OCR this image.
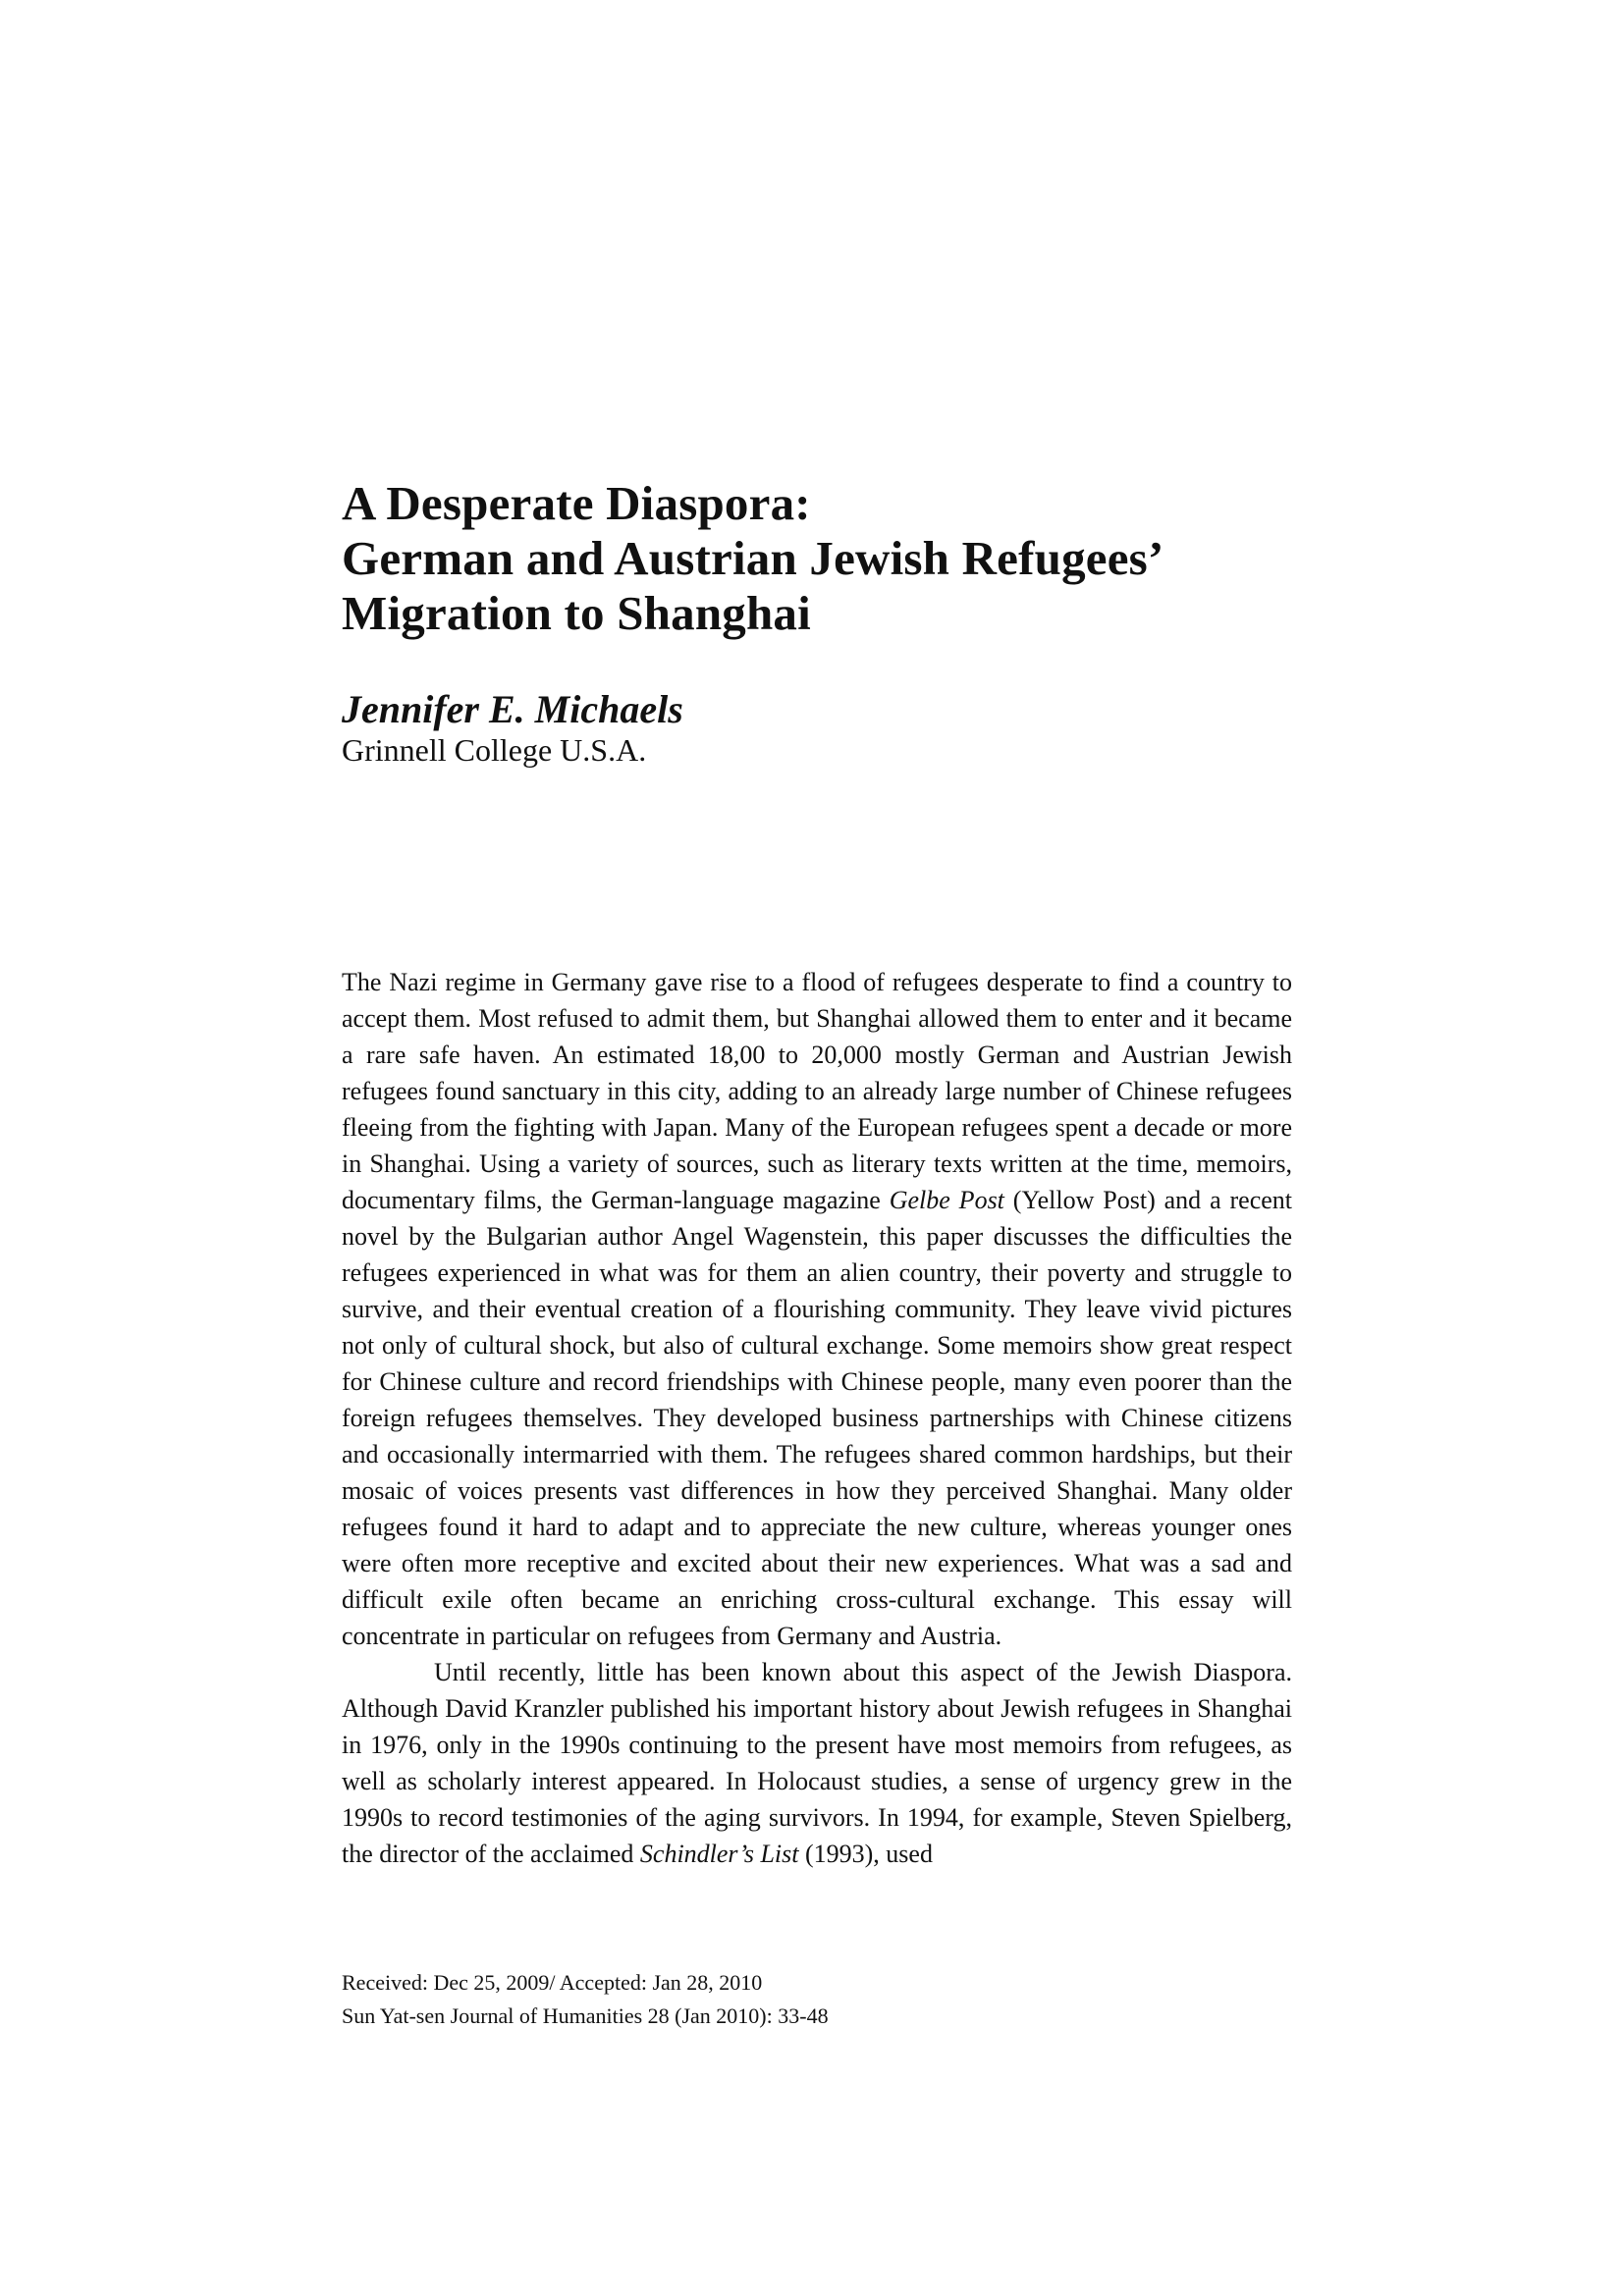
A Desperate Diaspora:
German and Austrian Jewish Refugees’
Migration to Shanghai
Jennifer E. Michaels
Grinnell College U.S.A.

The Nazi regime in Germany gave rise to a flood of refugees desperate to find a country to accept them. Most refused to admit them, but Shanghai allowed them to enter and it became a rare safe haven. An estimated 18,00 to 20,000 mostly German and Austrian Jewish refugees found sanctuary in this city, adding to an already large number of Chinese refugees fleeing from the fighting with Japan. Many of the European refugees spent a decade or more in Shanghai. Using a variety of sources, such as literary texts written at the time, memoirs, documentary films, the German-language magazine Gelbe Post (Yellow Post) and a recent novel by the Bulgarian author Angel Wagenstein, this paper discusses the difficulties the refugees experienced in what was for them an alien country, their poverty and struggle to survive, and their eventual creation of a flourishing community. They leave vivid pictures not only of cultural shock, but also of cultural exchange. Some memoirs show great respect for Chinese culture and record friendships with Chinese people, many even poorer than the foreign refugees themselves. They developed business partnerships with Chinese citizens and occasionally intermarried with them. The refugees shared common hardships, but their mosaic of voices presents vast differences in how they perceived Shanghai. Many older refugees found it hard to adapt and to appreciate the new culture, whereas younger ones were often more receptive and excited about their new experiences. What was a sad and difficult exile often became an enriching cross-cultural exchange. This essay will concentrate in particular on refugees from Germany and Austria.

Until recently, little has been known about this aspect of the Jewish Diaspora. Although David Kranzler published his important history about Jewish refugees in Shanghai in 1976, only in the 1990s continuing to the present have most memoirs from refugees, as well as scholarly interest appeared. In Holocaust studies, a sense of urgency grew in the 1990s to record testimonies of the aging survivors. In 1994, for example, Steven Spielberg, the director of the acclaimed Schindler’s List (1993), used

Received: Dec 25, 2009/ Accepted: Jan 28, 2010
Sun Yat-sen Journal of Humanities 28 (Jan 2010): 33-48
